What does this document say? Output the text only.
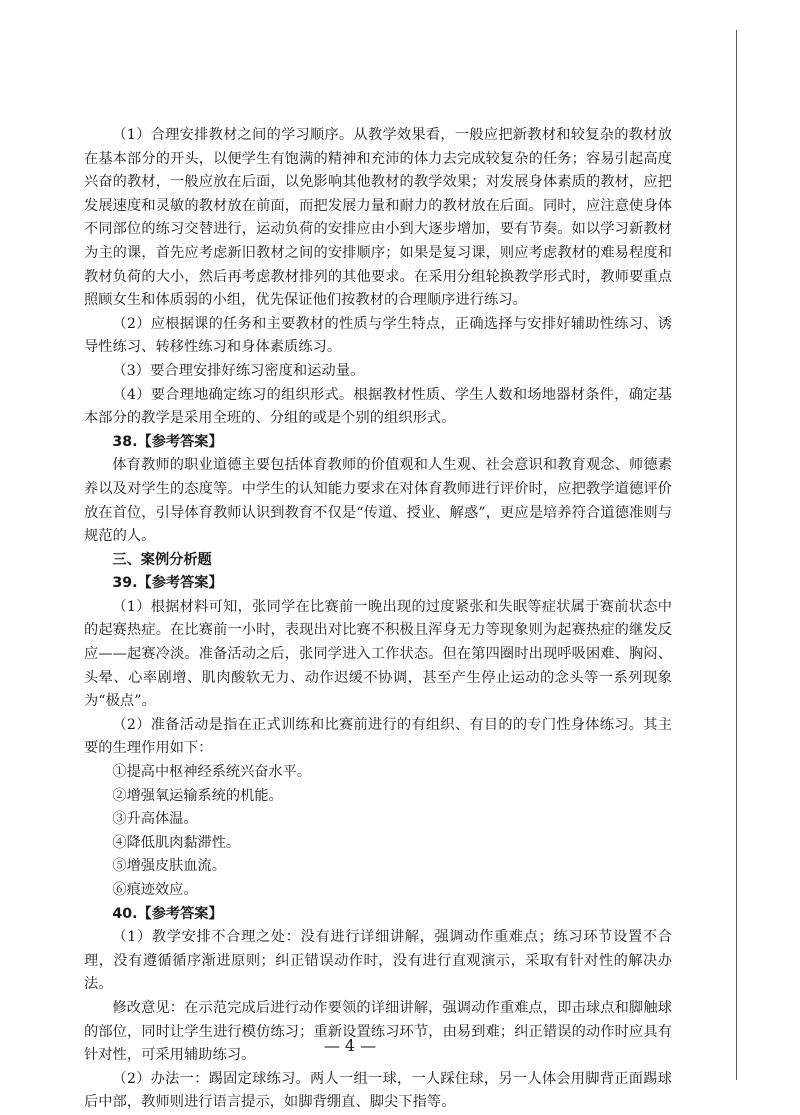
（1）合理安排教材之间的学习顺序。从教学效果看，一般应把新教材和较复杂的教材放在基本部分的开头，以便学生有饱满的精神和充沛的体力去完成较复杂的任务；容易引起高度兴奋的教材，一般应放在后面，以免影响其他教材的教学效果；对发展身体素质的教材，应把发展速度和灵敏的教材放在前面，而把发展力量和耐力的教材放在后面。同时，应注意使身体不同部位的练习交替进行，运动负荷的安排应由小到大逐步增加，要有节奏。如以学习新教材为主的课，首先应考虑新旧教材之间的安排顺序；如果是复习课，则应考虑教材的难易程度和教材负荷的大小，然后再考虑教材排列的其他要求。在采用分组轮换教学形式时，教师要重点照顾女生和体质弱的小组，优先保证他们按教材的合理顺序进行练习。

（2）应根据课的任务和主要教材的性质与学生特点，正确选择与安排好辅助性练习、诱导性练习、转移性练习和身体素质练习。

（3）要合理安排好练习密度和运动量。

（4）要合理地确定练习的组织形式。根据教材性质、学生人数和场地器材条件，确定基本部分的教学是采用全班的、分组的或是个别的组织形式。

38.【参考答案】

体育教师的职业道德主要包括体育教师的价值观和人生观、社会意识和教育观念、师德素养以及对学生的态度等。中学生的认知能力要求在对体育教师进行评价时，应把教学道德评价放在首位，引导体育教师认识到教育不仅是“传道、授业、解惑”，更应是培养符合道德准则与规范的人。

三、案例分析题

39.【参考答案】

（1）根据材料可知，张同学在比赛前一晚出现的过度紧张和失眠等症状属于赛前状态中的起赛热症。在比赛前一小时，表现出对比赛不积极且浑身无力等现象则为起赛热症的继发反应——起赛冷淡。准备活动之后，张同学进入工作状态。但在第四圈时出现呼吸困难、胸闷、头晕、心率剧增、肌肉酸软无力、动作迟缓不协调，甚至产生停止运动的念头等一系列现象为“极点”。

（2）准备活动是指在正式训练和比赛前进行的有组织、有目的的专门性身体练习。其主要的生理作用如下：

①提高中枢神经系统兴奋水平。

②增强氧运输系统的机能。

③升高体温。

④降低肌肉黏滞性。

⑤增强皮肤血流。

⑥痕迹效应。

40.【参考答案】

（1）教学安排不合理之处：没有进行详细讲解，强调动作重难点；练习环节设置不合理，没有遵循循序渐进原则；纠正错误动作时，没有进行直观演示，采取有针对性的解决办法。

修改意见：在示范完成后进行动作要领的详细讲解，强调动作重难点，即击球点和脚触球的部位，同时让学生进行模仿练习；重新设置练习环节，由易到难；纠正错误的动作时应具有针对性，可采用辅助练习。

（2）办法一：踢固定球练习。两人一组一球，一人踩住球，另一人体会用脚背正面踢球后中部，教师则进行语言提示，如脚背绷直、脚尖下指等。

— 4 —
